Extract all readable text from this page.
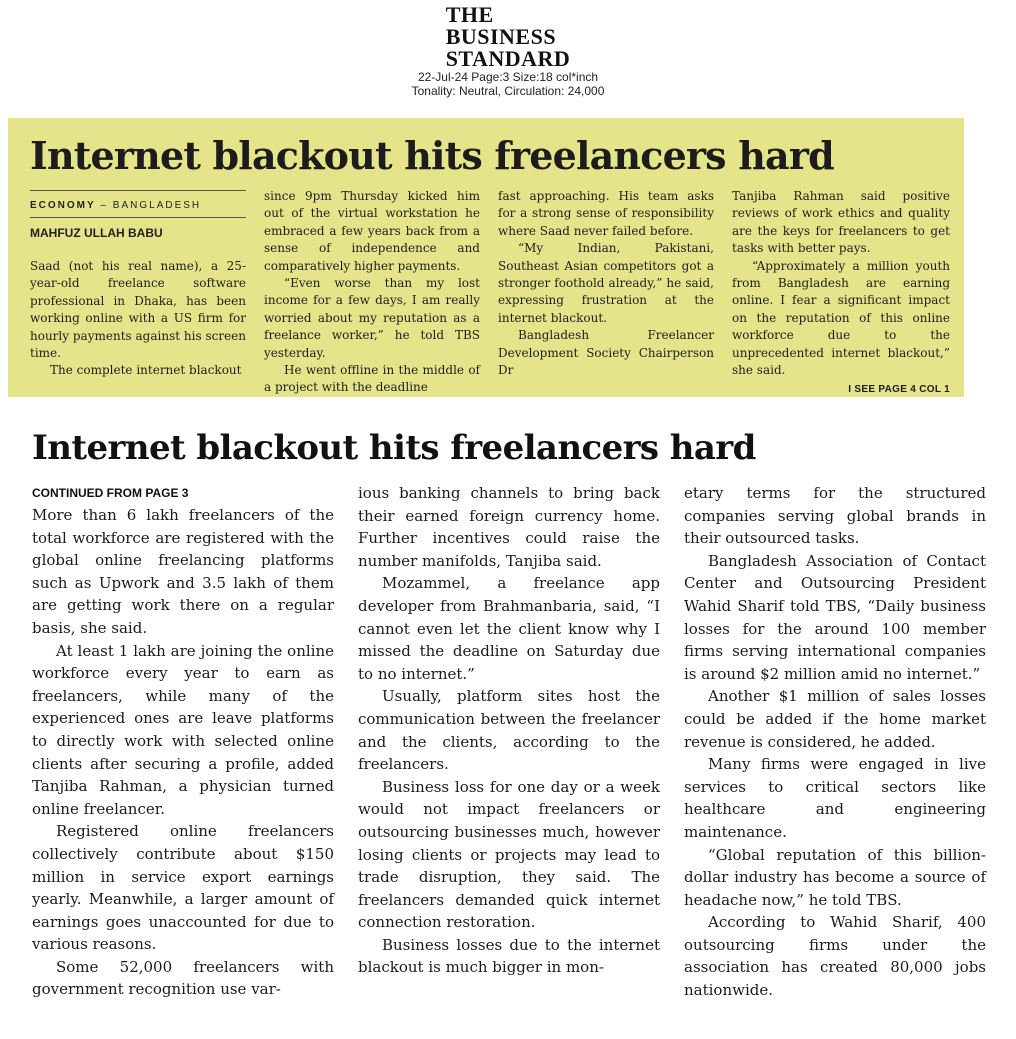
THE
BUSINESS
STANDARD
22-Jul-24 Page:3 Size:18 col*inch
Tonality: Neutral, Circulation: 24,000
Internet blackout hits freelancers hard
ECONOMY – BANGLADESH
MAHFUZ ULLAH BABU

Saad (not his real name), a 25-year-old freelance software professional in Dhaka, has been working online with a US firm for hourly payments against his screen time.

The complete internet blackout

since 9pm Thursday kicked him out of the virtual workstation he embraced a few years back from a sense of independence and comparatively higher payments.

“Even worse than my lost income for a few days, I am really worried about my reputation as a freelance worker,” he told TBS yesterday.

He went offline in the middle of a project with the deadline

fast approaching. His team asks for a strong sense of responsibility where Saad never failed before.

“My Indian, Pakistani, Southeast Asian competitors got a stronger foothold already,” he said, expressing frustration at the internet blackout.

Bangladesh Freelancer Development Society Chairperson Dr

Tanjiba Rahman said positive reviews of work ethics and quality are the keys for freelancers to get tasks with better pays.

“Approximately a million youth from Bangladesh are earning online. I fear a significant impact on the reputation of this online workforce due to the unprecedented internet blackout,” she said.

I SEE PAGE 4 COL 1
Internet blackout hits freelancers hard
CONTINUED FROM PAGE 3

More than 6 lakh freelancers of the total workforce are registered with the global online freelancing platforms such as Upwork and 3.5 lakh of them are getting work there on a regular basis, she said.

At least 1 lakh are joining the online workforce every year to earn as freelancers, while many of the experienced ones are leave platforms to directly work with selected online clients after securing a profile, added Tanjiba Rahman, a physician turned online freelancer.

Registered online freelancers collectively contribute about $150 million in service export earnings yearly. Meanwhile, a larger amount of earnings goes unaccounted for due to various reasons.

Some 52,000 freelancers with government recognition use var-

ious banking channels to bring back their earned foreign currency home. Further incentives could raise the number manifolds, Tanjiba said.

Mozammel, a freelance app developer from Brahmanbaria, said, “I cannot even let the client know why I missed the deadline on Saturday due to no internet.”

Usually, platform sites host the communication between the freelancer and the clients, according to the freelancers.

Business loss for one day or a week would not impact freelancers or outsourcing businesses much, however losing clients or projects may lead to trade disruption, they said. The freelancers demanded quick internet connection restoration.

Business losses due to the internet blackout is much bigger in mon-

etary terms for the structured companies serving global brands in their outsourced tasks.

Bangladesh Association of Contact Center and Outsourcing President Wahid Sharif told TBS, “Daily business losses for the around 100 member firms serving international companies is around $2 million amid no internet.”

Another $1 million of sales losses could be added if the home market revenue is considered, he added.

Many firms were engaged in live services to critical sectors like healthcare and engineering maintenance.

“Global reputation of this billion-dollar industry has become a source of headache now,” he told TBS.

According to Wahid Sharif, 400 outsourcing firms under the association has created 80,000 jobs nationwide.
